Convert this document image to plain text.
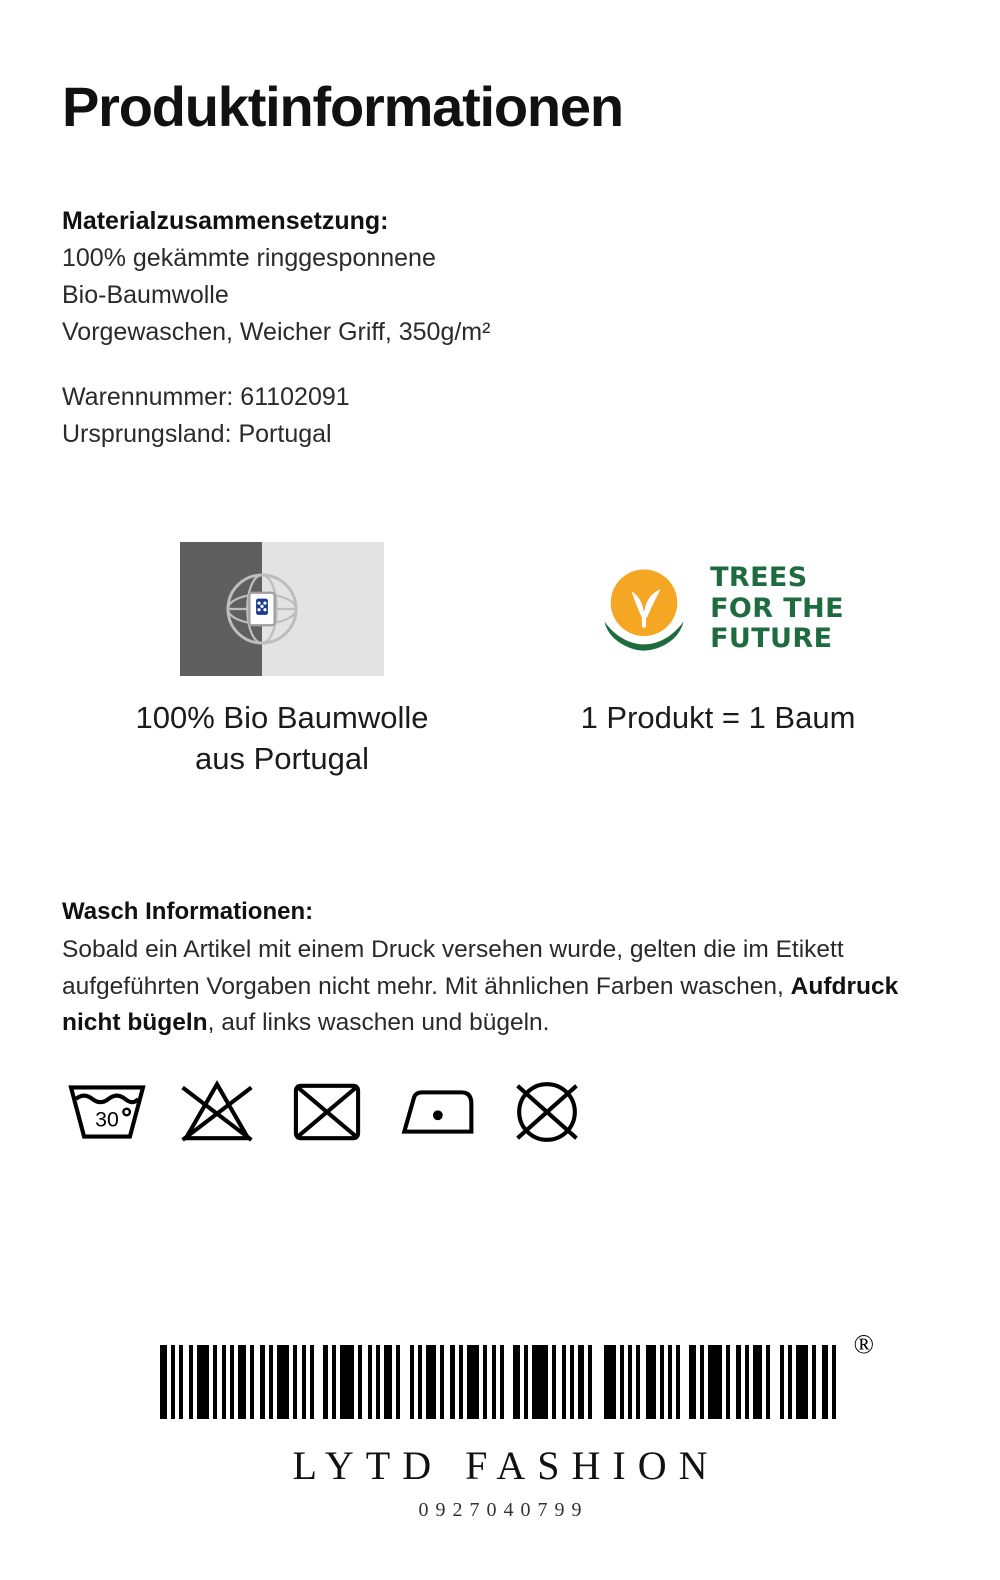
Produktinformationen
Materialzusammensetzung:
100% gekämmte ringgesponnene
Bio-Baumwolle
Vorgewaschen, Weicher Griff, 350g/m²
Warennummer: 61102091
Ursprungsland: Portugal
100% Bio Baumwolle
aus Portugal
TREES
FOR THE
FUTURE
1 Produkt = 1 Baum
Wasch Informationen:
Sobald ein Artikel mit einem Druck versehen wurde, gelten die im Etikett aufgeführten Vorgaben nicht mehr. Mit ähnlichen Farben waschen, Aufdruck nicht bügeln, auf links waschen und bügeln.
30
®
LYTD FASHION
0927040799
